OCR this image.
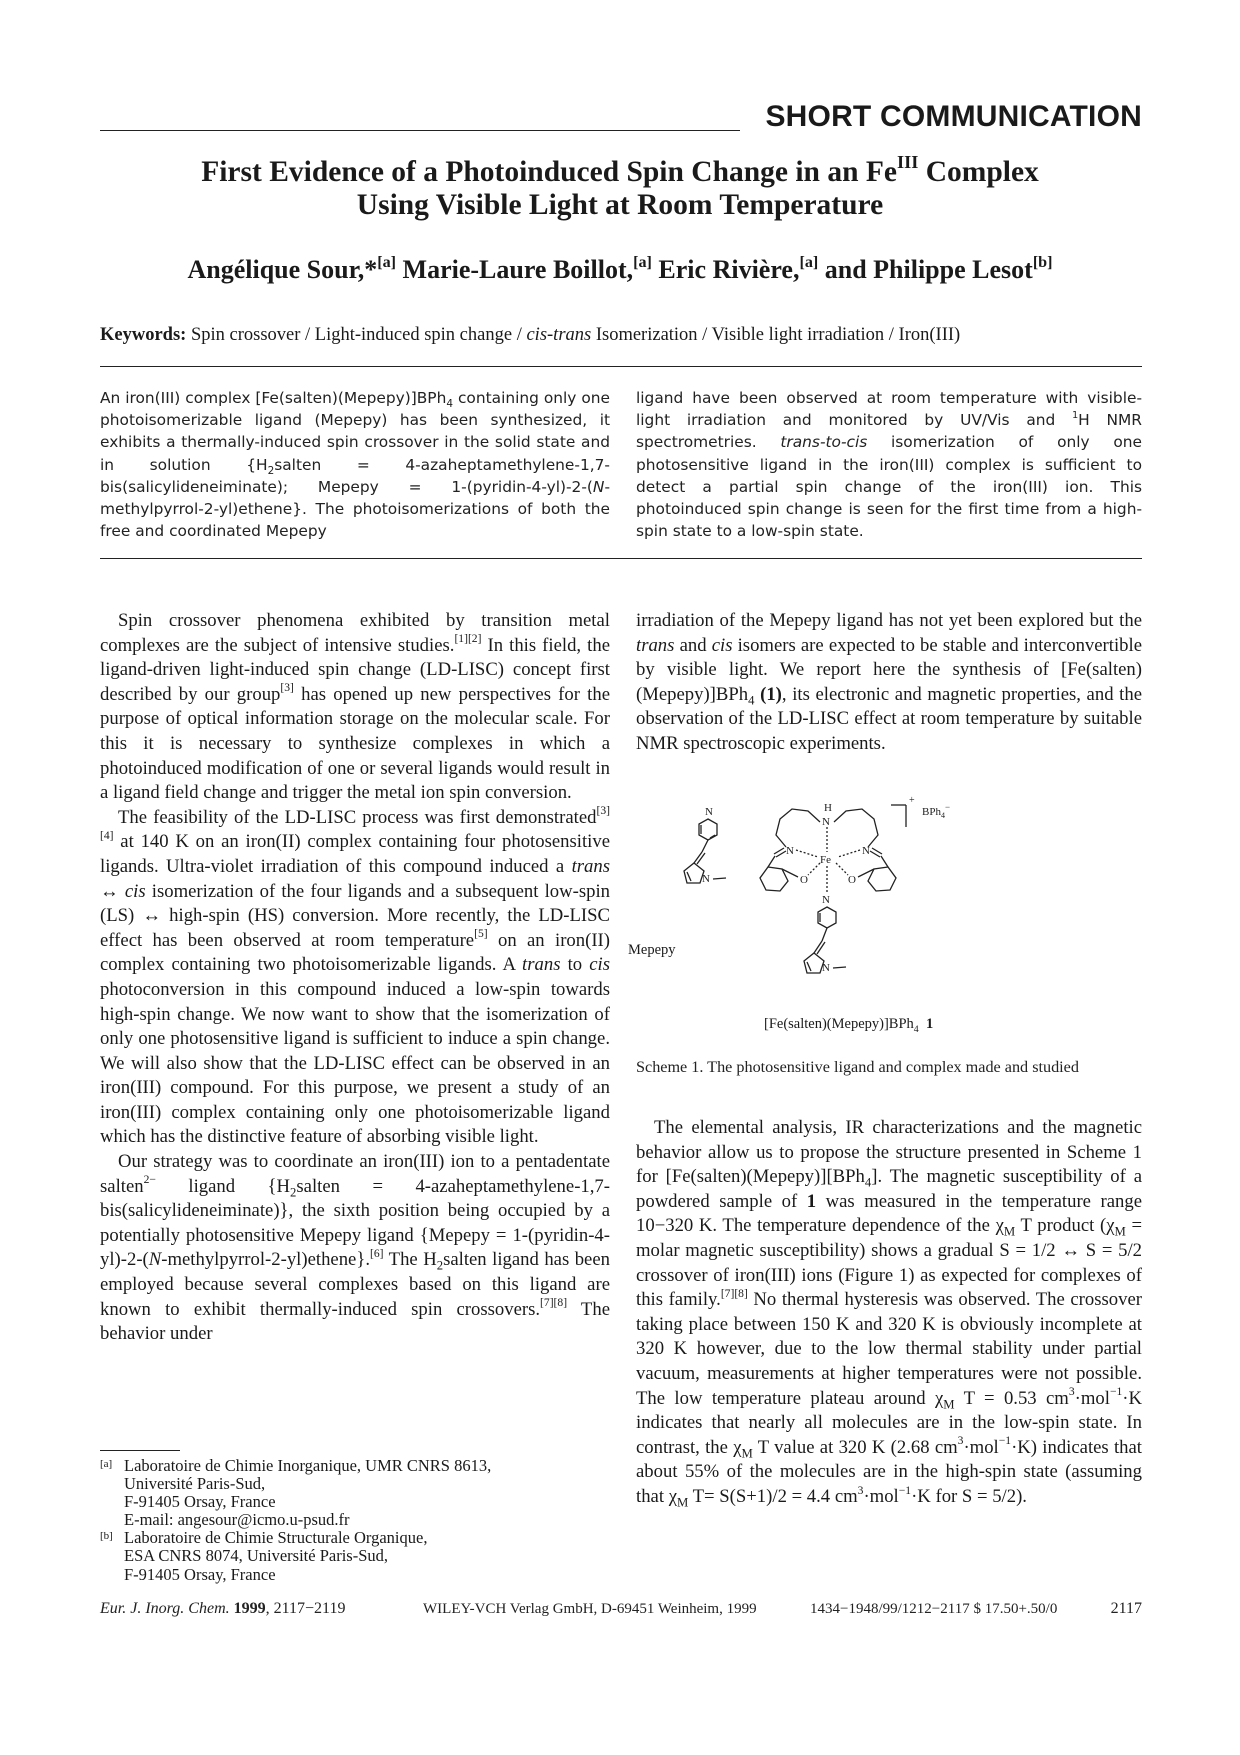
SHORT COMMUNICATION
First Evidence of a Photoinduced Spin Change in an $Fe^{III}$ Complex
Using Visible Light at Room Temperature
Angélique Sour,*[a] Marie-Laure Boillot,[a] Eric Rivière,[a] and Philippe Lesot[b]
Keywords: Spin crossover / Light-induced spin change / cis-trans Isomerization / Visible light irradiation / Iron(III)
An iron(III) complex [Fe(salten)(Mepepy)]BPh$_4$ containing only one photoisomerizable ligand (Mepepy) has been synthesized, it exhibits a thermally-induced spin crossover in the solid state and in solution {$H_2salten$ = 4-azaheptamethylene-1,7-bis(salicylideneiminate); Mepepy = 1-(pyridin-4-yl)-2-(N-methylpyrrol-2-yl)ethene}. The photoisomerizations of both the free and coordinated Mepepy
ligand have been observed at room temperature with visible-light irradiation and monitored by UV/Vis and $^1$H NMR spectrometries. trans-to-cis isomerization of only one photosensitive ligand in the iron(III) complex is sufficient to detect a partial spin change of the iron(III) ion. This photoinduced spin change is seen for the first time from a high-spin state to a low-spin state.

Spin crossover phenomena exhibited by transition metal complexes are the subject of intensive studies.[1][2] In this field, the ligand-driven light-induced spin change (LD-LISC) concept first described by our group[3] has opened up new perspectives for the purpose of optical information storage on the molecular scale. For this it is necessary to synthesize complexes in which a photoinduced modification of one or several ligands would result in a ligand field change and trigger the metal ion spin conversion.

The feasibility of the LD-LISC process was first demonstrated[3][4] at 140 K on an iron(II) complex containing four photosensitive ligands. Ultra-violet irradiation of this compound induced a trans ↔ cis isomerization of the four ligands and a subsequent low-spin (LS) ↔ high-spin (HS) conversion. More recently, the LD-LISC effect has been observed at room temperature[5] on an iron(II) complex containing two photoisomerizable ligands. A trans to cis photoconversion in this compound induced a low-spin towards high-spin change. We now want to show that the isomerization of only one photosensitive ligand is sufficient to induce a spin change. We will also show that the LD-LISC effect can be observed in an iron(III) compound. For this purpose, we present a study of an iron(III) complex containing only one photoisomerizable ligand which has the distinctive feature of absorbing visible light.

Our strategy was to coordinate an iron(III) ion to a pentadentate salten$^{2-}$ ligand {$H_2salten$ = 4-azaheptamethylene-1,7-bis(salicylideneiminate)}, the sixth position being occupied by a potentially photosensitive Mepepy ligand {Mepepy = 1-(pyridin-4-yl)-2-(N-methylpyrrol-2-yl)ethene}.[6] The $H_2salten$ ligand has been employed because several complexes based on this ligand are known to exhibit thermally-induced spin crossovers.[7][8] The behavior under

irradiation of the Mepepy ligand has not yet been explored but the trans and cis isomers are expected to be stable and interconvertible by visible light. We report here the synthesis of [Fe(salten)(Mepepy)]BPh$_4$ (1), its electronic and magnetic properties, and the observation of the LD-LISC effect at room temperature by suitable NMR spectroscopic experiments.

N
N
+
BPh$_4$−
H
N
N	N
Fe
O	O
N
N
Mepepy
[Fe(salten)(Mepepy)]BPh$_4$ 1
Scheme 1. The photosensitive ligand and complex made and studied

The elemental analysis, IR characterizations and the magnetic behavior allow us to propose the structure presented in Scheme 1 for [Fe(salten)(Mepepy)][BPh$_4$]. The magnetic susceptibility of a powdered sample of 1 was measured in the temperature range 10−320 K. The temperature dependence of the $\chi_M$ T product ($\chi_M$ = molar magnetic susceptibility) shows a gradual S = 1/2 ↔ S = 5/2 crossover of iron(III) ions (Figure 1) as expected for complexes of this family.[7][8] No thermal hysteresis was observed. The crossover taking place between 150 K and 320 K is obviously incomplete at 320 K however, due to the low thermal stability under partial vacuum, measurements at higher temperatures were not possible. The low temperature plateau around $\chi_M$ T = 0.53 $cm^3\cdot mol^{-1}\cdot K$ indicates that nearly all molecules are in the low-spin state. In contrast, the $\chi_M$ T value at 320 K (2.68 $cm^3\cdot mol^{-1}\cdot K$) indicates that about 55% of the molecules are in the high-spin state (assuming that $\chi_M$ T= S(S+1)/2 = 4.4 $cm^3\cdot mol^{-1}\cdot K$ for S = 5/2).

[a] Laboratoire de Chimie Inorganique, UMR CNRS 8613,
Université Paris-Sud,
F-91405 Orsay, France
E-mail: angesour@icmo.u-psud.fr
[b] Laboratoire de Chimie Structurale Organique,
ESA CNRS 8074, Université Paris-Sud,
F-91405 Orsay, France
Eur. J. Inorg. Chem. 1999, 2117−2119	WILEY-VCH Verlag GmbH, D-69451 Weinheim, 1999	1434−1948/99/1212−2117 $ 17.50+.50/0	2117
